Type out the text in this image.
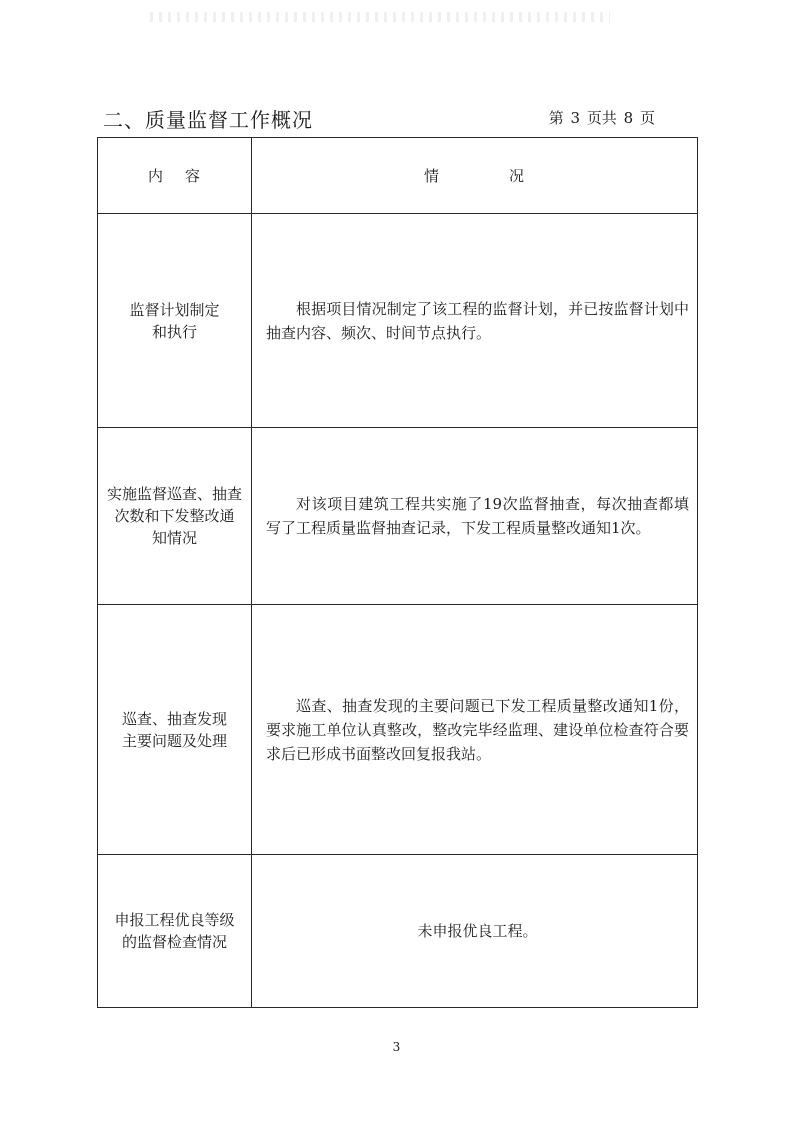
二、质量监督工作概况	第 3 页共 8 页
内容	情况

监督计划制定
和执行	根据项目情况制定了该工程的监督计划，并已按监督计划中抽查内容、频次、时间节点执行。

实施监督巡查、抽查
次数和下发整改通
知情况	对该项目建筑工程共实施了19次监督抽查，每次抽查都填写了工程质量监督抽查记录，下发工程质量整改通知1次。

巡查、抽查发现
主要问题及处理	巡查、抽查发现的主要问题已下发工程质量整改通知1份，要求施工单位认真整改，整改完毕经监理、建设单位检查符合要求后已形成书面整改回复报我站。

申报工程优良等级
的监督检查情况	未申报优良工程。
3
